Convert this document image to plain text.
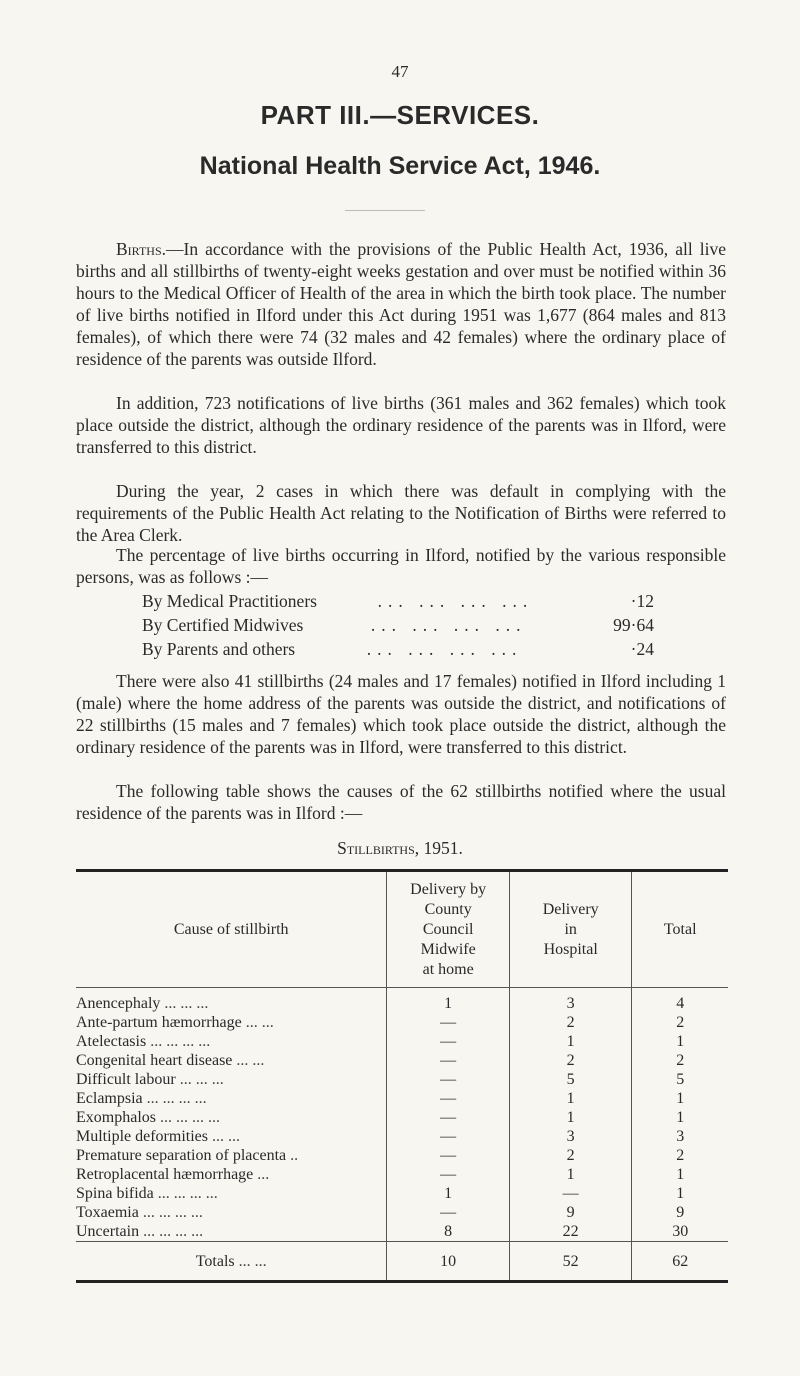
47
PART III.—SERVICES.
National Health Service Act, 1946.

Births.—In accordance with the provisions of the Public Health Act, 1936, all live births and all stillbirths of twenty-eight weeks gestation and over must be notified within 36 hours to the Medical Officer of Health of the area in which the birth took place. The number of live births notified in Ilford under this Act during 1951 was 1,677 (864 males and 813 females), of which there were 74 (32 males and 42 females) where the ordinary place of residence of the parents was outside Ilford.

In addition, 723 notifications of live births (361 males and 362 females) which took place outside the district, although the ordinary residence of the parents was in Ilford, were transferred to this district.

During the year, 2 cases in which there was default in complying with the requirements of the Public Health Act relating to the Notification of Births were referred to the Area Clerk.

The percentage of live births occurring in Ilford, notified by the various responsible persons, was as follows :—

By Medical Practitioners	... ... ... ...	·12
By Certified Midwives	... ... ... ...	99·64
By Parents and others	... ... ... ...	·24

There were also 41 stillbirths (24 males and 17 females) notified in Ilford including 1 (male) where the home address of the parents was outside the district, and notifications of 22 stillbirths (15 males and 7 females) which took place outside the district, although the ordinary residence of the parents was in Ilford, were transferred to this district.

The following table shows the causes of the 62 stillbirths notified where the usual residence of the parents was in Ilford :—

Stillbirths, 1951.
Cause of stillbirth	Delivery by
County
Council
Midwife
at home	Delivery
in
Hospital	Total
Anencephaly ... ... ...	1	3	4
Ante-partum hæmorrhage ... ...	—	2	2
Atelectasis ... ... ... ...	—	1	1
Congenital heart disease ... ...	—	2	2
Difficult labour ... ... ...	—	5	5
Eclampsia ... ... ... ...	—	1	1
Exomphalos ... ... ... ...	—	1	1
Multiple deformities ... ...	—	3	3
Premature separation of placenta ..	—	2	2
Retroplacental hæmorrhage ...	—	1	1
Spina bifida ... ... ... ...	1	—	1
Toxaemia ... ... ... ...	—	9	9
Uncertain ... ... ... ...	8	22	30
Totals ... ...	10	52	62
